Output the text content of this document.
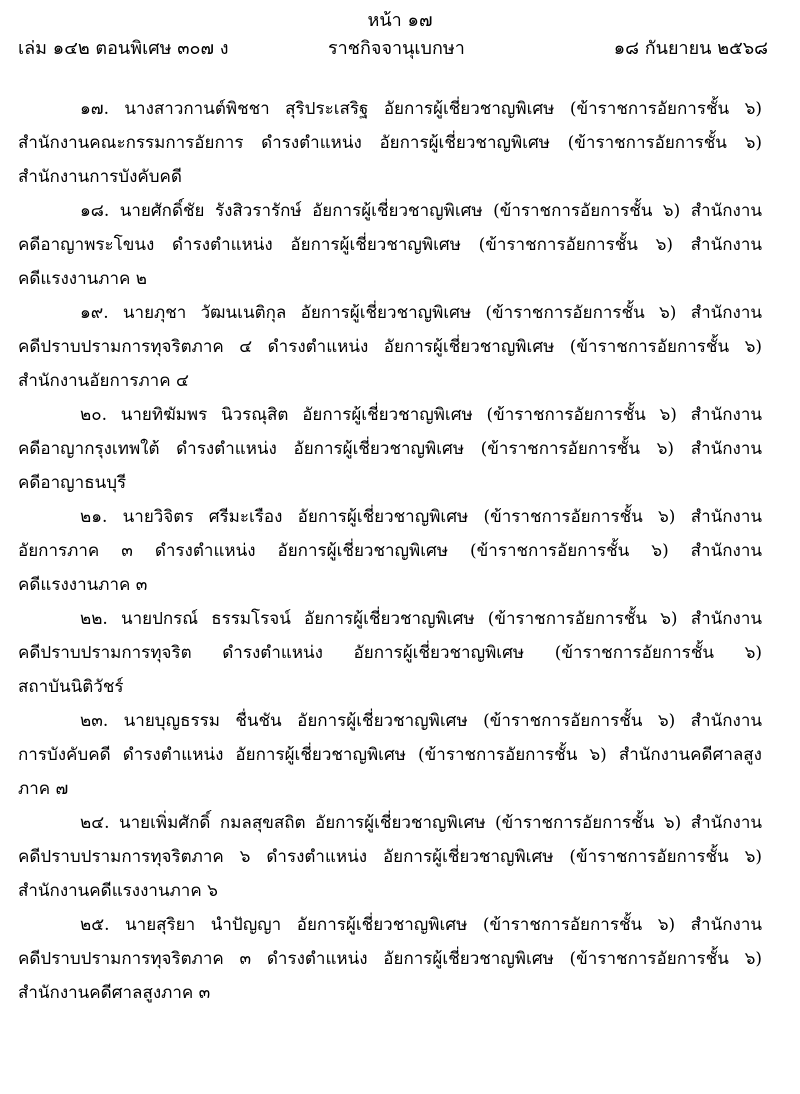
หน้า ๑๗
เล่ม ๑๔๒ ตอนพิเศษ ๓๐๗ ง	ราชกิจจานุเบกษา	๑๘ กันยายน ๒๕๖๘
๑๗. นางสาวกานต์พิชชา สุริประเสริฐ อัยการผู้เชี่ยวชาญพิเศษ (ข้าราชการอัยการชั้น ๖)
สำนักงานคณะกรรมการอัยการ ดำรงตำแหน่ง อัยการผู้เชี่ยวชาญพิเศษ (ข้าราชการอัยการชั้น ๖)
สำนักงานการบังคับคดี
๑๘. นายศักดิ์ชัย รังสิวรารักษ์ อัยการผู้เชี่ยวชาญพิเศษ (ข้าราชการอัยการชั้น ๖) สำนักงาน
คดีอาญาพระโขนง ดำรงตำแหน่ง อัยการผู้เชี่ยวชาญพิเศษ (ข้าราชการอัยการชั้น ๖) สำนักงาน
คดีแรงงานภาค ๒
๑๙. นายภุชา วัฒนเนติกุล อัยการผู้เชี่ยวชาญพิเศษ (ข้าราชการอัยการชั้น ๖) สำนักงาน
คดีปราบปรามการทุจริตภาค ๔ ดำรงตำแหน่ง อัยการผู้เชี่ยวชาญพิเศษ (ข้าราชการอัยการชั้น ๖)
สำนักงานอัยการภาค ๔
๒๐. นายทิฆัมพร นิวรณุสิต อัยการผู้เชี่ยวชาญพิเศษ (ข้าราชการอัยการชั้น ๖) สำนักงาน
คดีอาญากรุงเทพใต้ ดำรงตำแหน่ง อัยการผู้เชี่ยวชาญพิเศษ (ข้าราชการอัยการชั้น ๖) สำนักงาน
คดีอาญาธนบุรี
๒๑. นายวิจิตร ศรีมะเรือง อัยการผู้เชี่ยวชาญพิเศษ (ข้าราชการอัยการชั้น ๖) สำนักงาน
อัยการภาค ๓ ดำรงตำแหน่ง อัยการผู้เชี่ยวชาญพิเศษ (ข้าราชการอัยการชั้น ๖) สำนักงาน
คดีแรงงานภาค ๓
๒๒. นายปกรณ์ ธรรมโรจน์ อัยการผู้เชี่ยวชาญพิเศษ (ข้าราชการอัยการชั้น ๖) สำนักงาน
คดีปราบปรามการทุจริต ดำรงตำแหน่ง อัยการผู้เชี่ยวชาญพิเศษ (ข้าราชการอัยการชั้น ๖)
สถาบันนิติวัชร์
๒๓. นายบุญธรรม ชื่นชัน อัยการผู้เชี่ยวชาญพิเศษ (ข้าราชการอัยการชั้น ๖) สำนักงาน
การบังคับคดี ดำรงตำแหน่ง อัยการผู้เชี่ยวชาญพิเศษ (ข้าราชการอัยการชั้น ๖) สำนักงานคดีศาลสูง
ภาค ๗
๒๔. นายเพิ่มศักดิ์ กมลสุขสถิต อัยการผู้เชี่ยวชาญพิเศษ (ข้าราชการอัยการชั้น ๖) สำนักงาน
คดีปราบปรามการทุจริตภาค ๖ ดำรงตำแหน่ง อัยการผู้เชี่ยวชาญพิเศษ (ข้าราชการอัยการชั้น ๖)
สำนักงานคดีแรงงานภาค ๖
๒๕. นายสุริยา นำปัญญา อัยการผู้เชี่ยวชาญพิเศษ (ข้าราชการอัยการชั้น ๖) สำนักงาน
คดีปราบปรามการทุจริตภาค ๓ ดำรงตำแหน่ง อัยการผู้เชี่ยวชาญพิเศษ (ข้าราชการอัยการชั้น ๖)
สำนักงานคดีศาลสูงภาค ๓
